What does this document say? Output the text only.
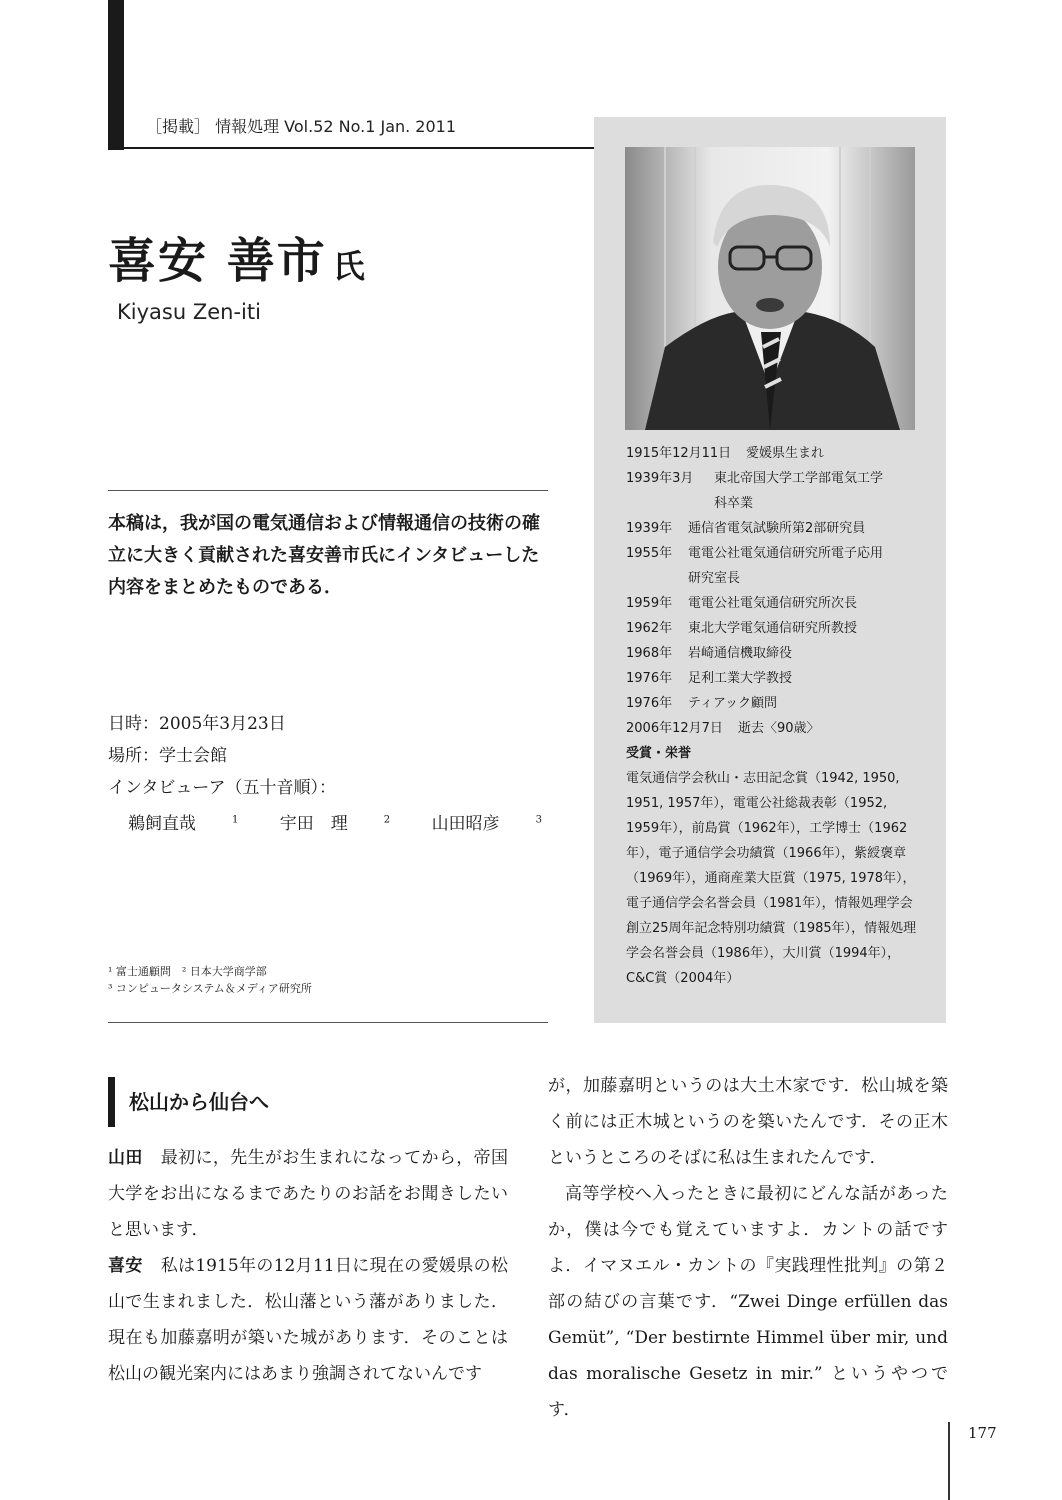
［掲載］ 情報処理 Vol.52 No.1 Jan. 2011
喜安 善市 氏
Kiyasu Zen-iti
本稿は，我が国の電気通信および情報通信の技術の確立に大きく貢献された喜安善市氏にインタビューした内容をまとめたものである．
日時：2005年3月23日
場所：学士会館
インタビューア（五十音順）：
鵜飼直哉	$^1$ 宇田　理	$^2$ 山田昭彦	$^3$
¹ 富士通顧問　² 日本大学商学部
³ コンピュータシステム＆メディア研究所
1915年12月11日	愛媛県生まれ
1939年3月	東北帝国大学工学部電気工学
科卒業
1939年	逓信省電気試験所第2部研究員
1955年	電電公社電気通信研究所電子応用
研究室長
1959年	電電公社電気通信研究所次長
1962年	東北大学電気通信研究所教授
1968年	岩崎通信機取締役
1976年	足利工業大学教授
1976年	ティアック顧問
2006年12月7日	逝去〈90歳〉
受賞・栄誉
電気通信学会秋山・志田記念賞（1942, 1950, 1951, 1957年），電電公社総裁表彰（1952, 1959年），前島賞（1962年），工学博士（1962年），電子通信学会功績賞（1966年），紫綬褒章（1969年），通商産業大臣賞（1975, 1978年），電子通信学会名誉会員（1981年），情報処理学会創立25周年記念特別功績賞（1985年），情報処理学会名誉会員（1986年），大川賞（1994年），C&C賞（2004年）
松山から仙台へ

山田 最初に，先生がお生まれになってから，帝国大学をお出になるまであたりのお話をお聞きしたいと思います．

喜安 私は1915年の12月11日に現在の愛媛県の松山で生まれました．松山藩という藩がありました．現在も加藤嘉明が築いた城があります．そのことは松山の観光案内にはあまり強調されてないんです

が，加藤嘉明というのは大土木家です．松山城を築く前には正木城というのを築いたんです．その正木というところのそばに私は生まれたんです．

高等学校へ入ったときに最初にどんな話があったか，僕は今でも覚えていますよ．カントの話ですよ．イマヌエル・カントの『実践理性批判』の第２部の結びの言葉です．“Zwei Dinge erfüllen das Gemüt”, “Der bestirnte Himmel über mir, und das moralische Gesetz in mir.” というやつです．

177
